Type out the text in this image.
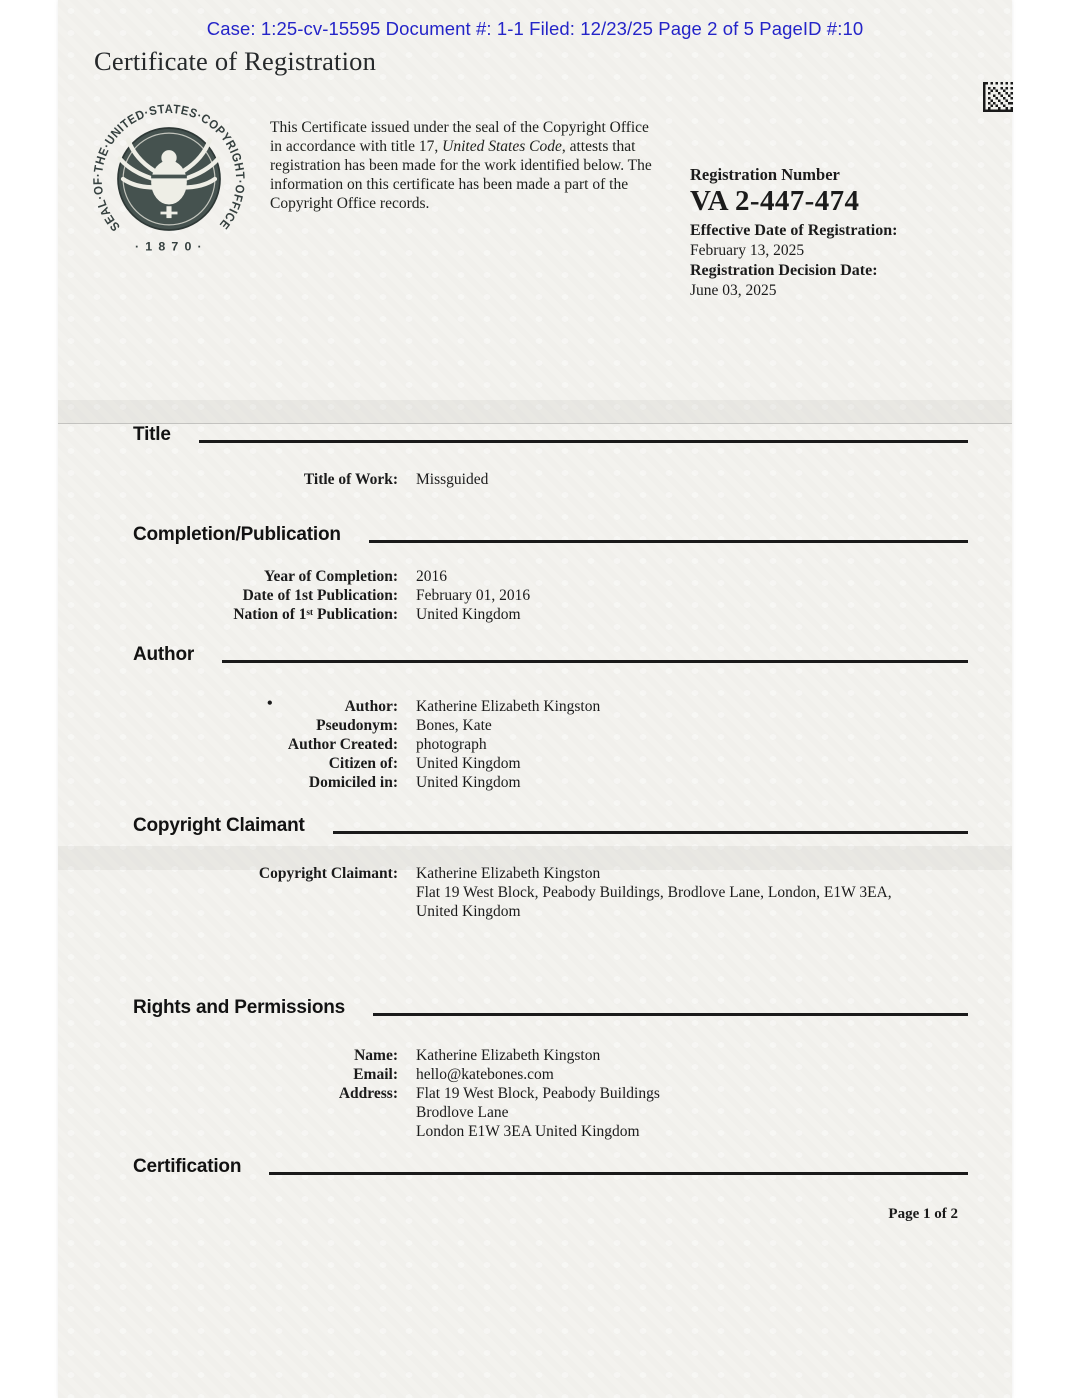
Case: 1:25-cv-15595 Document #: 1-1 Filed: 12/23/25 Page 2 of 5 PageID #:10
Certificate of Registration
SEAL·OF·THE·UNITED·STATES·COPYRIGHT·OFFICE
· 1 8 7 0 ·

This Certificate issued under the seal of the Copyright Office in accordance with title 17, United States Code, attests that registration has been made for the work identified below. The information on this certificate has been made a part of the Copyright Office records.

Registration Number
VA 2-447-474
Effective Date of Registration:
February 13, 2025
Registration Decision Date:
June 03, 2025
Title
Title of Work: Missguided
Completion/Publication
Year of Completion: 2016
Date of 1st Publication: February 01, 2016
Nation of 1ˢᵗ Publication: United Kingdom
Author
•	Author: Katherine Elizabeth Kingston
Pseudonym: Bones, Kate
Author Created: photograph
Citizen of: United Kingdom
Domiciled in: United Kingdom
Copyright Claimant
Copyright Claimant: Katherine Elizabeth Kingston
Flat 19 West Block, Peabody Buildings, Brodlove Lane, London, E1W 3EA,
United Kingdom
Rights and Permissions
Name: Katherine Elizabeth Kingston
Email: hello@katebones.com
Address: Flat 19 West Block, Peabody Buildings
Brodlove Lane
London E1W 3EA United Kingdom
Certification
Page 1 of 2
